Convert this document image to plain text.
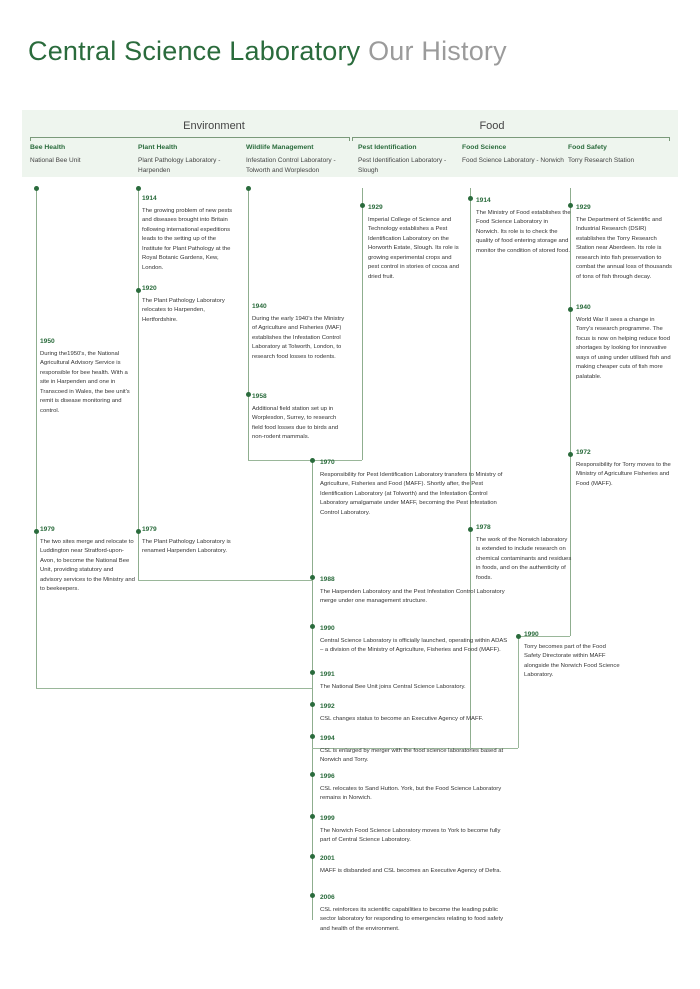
Central Science Laboratory Our History
Environment	Food
Bee Health
National Bee Unit
Plant Health
Plant Pathology Laboratory - Harpenden
Wildlife Management
Infestation Control Laboratory - Tolworth and Worplesdon
Pest Identification
Pest Identification Laboratory - Slough
Food Science
Food Science Laboratory - Norwich
Food Safety
Torry Research Station
1950
During the1950's, the National Agricultural Advisory Service is responsible for bee health. With a site in Harpenden and one in Transcoed in Wales, the bee unit's remit is disease monitoring and control.
1979
The two sites merge and relocate to Luddington near Stratford-upon-Avon, to become the National Bee Unit, providing statutory and advisory services to the Ministry and to beekeepers.
1914
The growing problem of new pests and diseases brought into Britain following international expeditions leads to the setting up of the Institute for Plant Pathology at the Royal Botanic Gardens, Kew, London.
1920
The Plant Pathology Laboratory relocates to Harpenden, Hertfordshire.
1979
The Plant Pathology Laboratory is renamed Harpenden Laboratory.
1940
During the early 1940's the Ministry of Agriculture and Fisheries (MAF) establishes the Infestation Control Laboratory at Tolworth, London, to research food losses to rodents.
1958
Additional field station set up in Worplesdon, Surrey, to research field food losses due to birds and non-rodent mammals.
1929
Imperial College of Science and Technology establishes a Pest Identification Laboratory on the Horworth Estate, Slough. Its role is growing experimental crops and pest control in stories of cocoa and dried fruit.
1914
The Ministry of Food establishes the Food Science Laboratory in Norwich. Its role is to check the quality of food entering storage and monitor the condition of stored food.
1978
The work of the Norwich laboratory is extended to include research on chemical contaminants and residues in foods, and on the authenticity of foods.
1929
The Department of Scientific and Industrial Research (DSIR) establishes the Torry Research Station near Aberdeen. Its role is research into fish preservation to combat the annual loss of thousands of tons of fish through decay.
1940
World War II sees a change in Torry's research programme. The focus is now on helping reduce food shortages by looking for innovative ways of using under utilised fish and making cheaper cuts of fish more palatable.
1972
Responsibility for Torry moves to the Ministry of Agriculture Fisheries and Food (MAFF).
1990
Torry becomes part of the Food Safety Directorate within MAFF alongside the Norwich Food Science Laboratory.
1970
Responsibility for Pest Identification Laboratory transfers to Ministry of Agriculture, Fisheries and Food (MAFF). Shortly after, the Pest Identification Laboratory (at Tolworth) and the Infestation Control Laboratory amalgamate under MAFF, becoming the Pest Infestation Control Laboratory.
1988
The Harpenden Laboratory and the Pest Infestation Control Laboratory merge under one management structure.
1990
Central Science Laboratory is officially launched, operating within ADAS – a division of the Ministry of Agriculture, Fisheries and Food (MAFF).
1991
The National Bee Unit joins Central Science Laboratory.
1992
CSL changes status to become an Executive Agency of MAFF.
1994
CSL is enlarged by merger with the food science laboratories based at Norwich and Torry.
1996
CSL relocates to Sand Hutton. York, but the Food Science Laboratory remains in Norwich.
1999
The Norwich Food Science Laboratory moves to York to become fully part of Central Science Laboratory.
2001
MAFF is disbanded and CSL becomes an Executive Agency of Defra.
2006
CSL reinforces its scientific capabilities to become the leading public sector laboratory for responding to emergencies relating to food safety and health of the environment.
